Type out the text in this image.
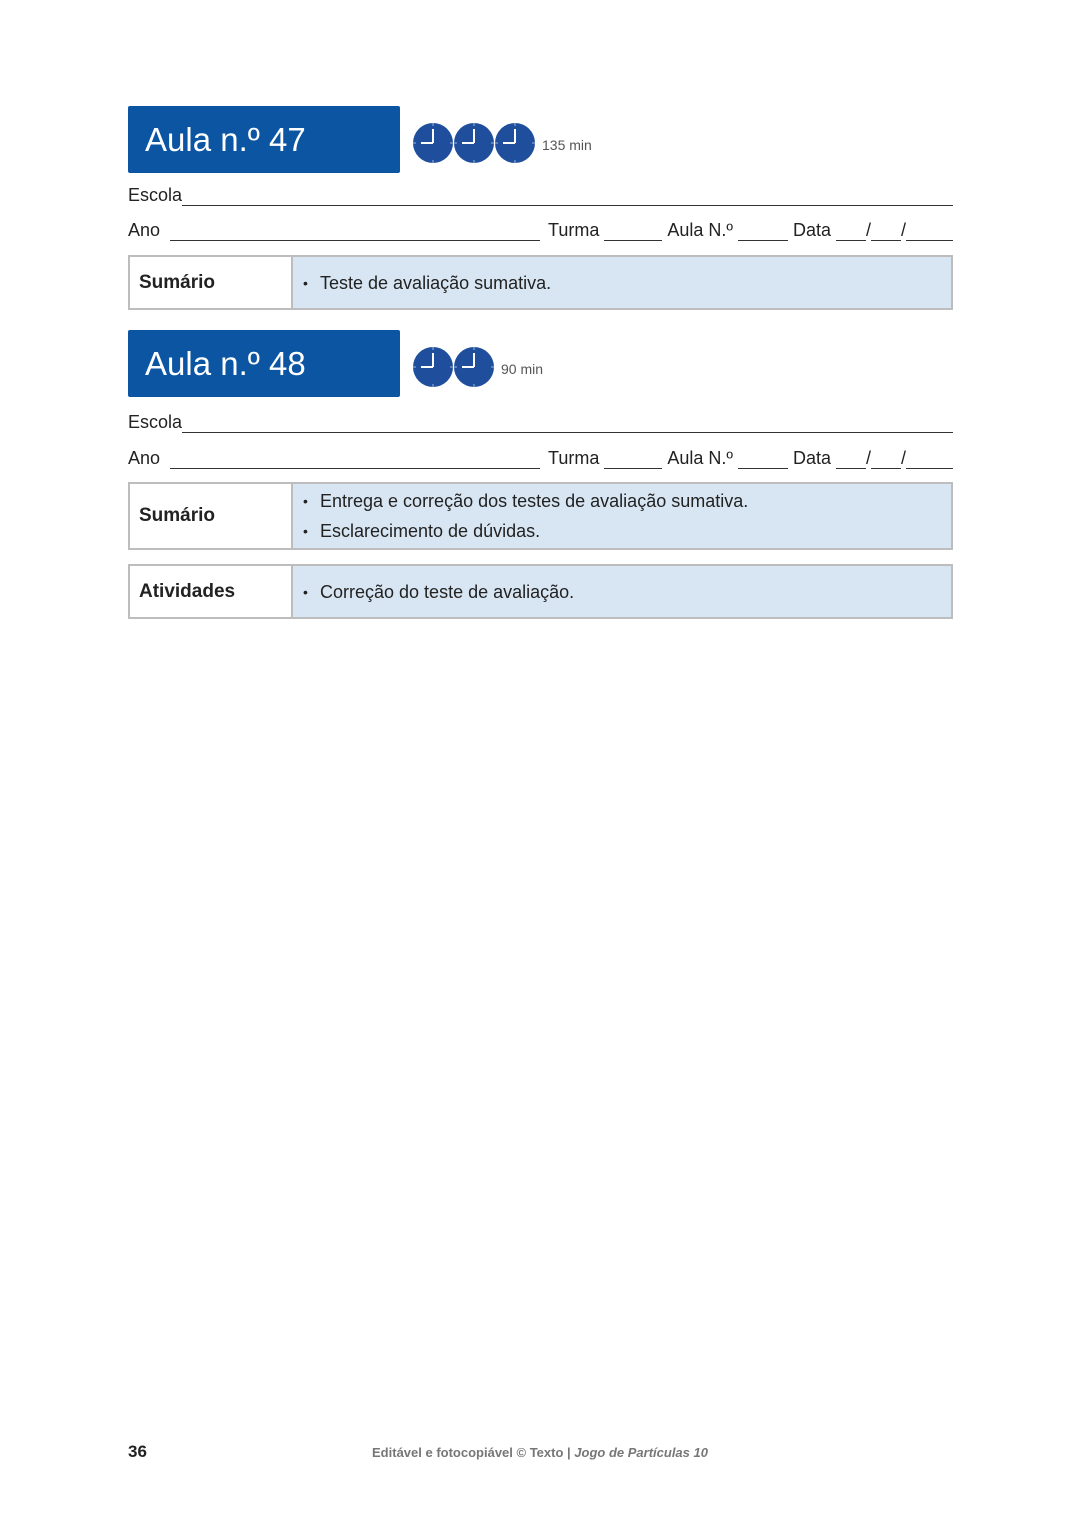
Aula n.º 47	135 min
Escola
Ano	Turma	Aula N.º	Data / /
Sumário	• Teste de avaliação sumativa.
Aula n.º 48	90 min
Escola
Ano	Turma	Aula N.º	Data / /
Sumário
• Entrega e correção dos testes de avaliação sumativa.
• Esclarecimento de dúvidas.
Atividades	• Correção do teste de avaliação.
36	Editável e fotocopiável © Texto | Jogo de Partículas 10
